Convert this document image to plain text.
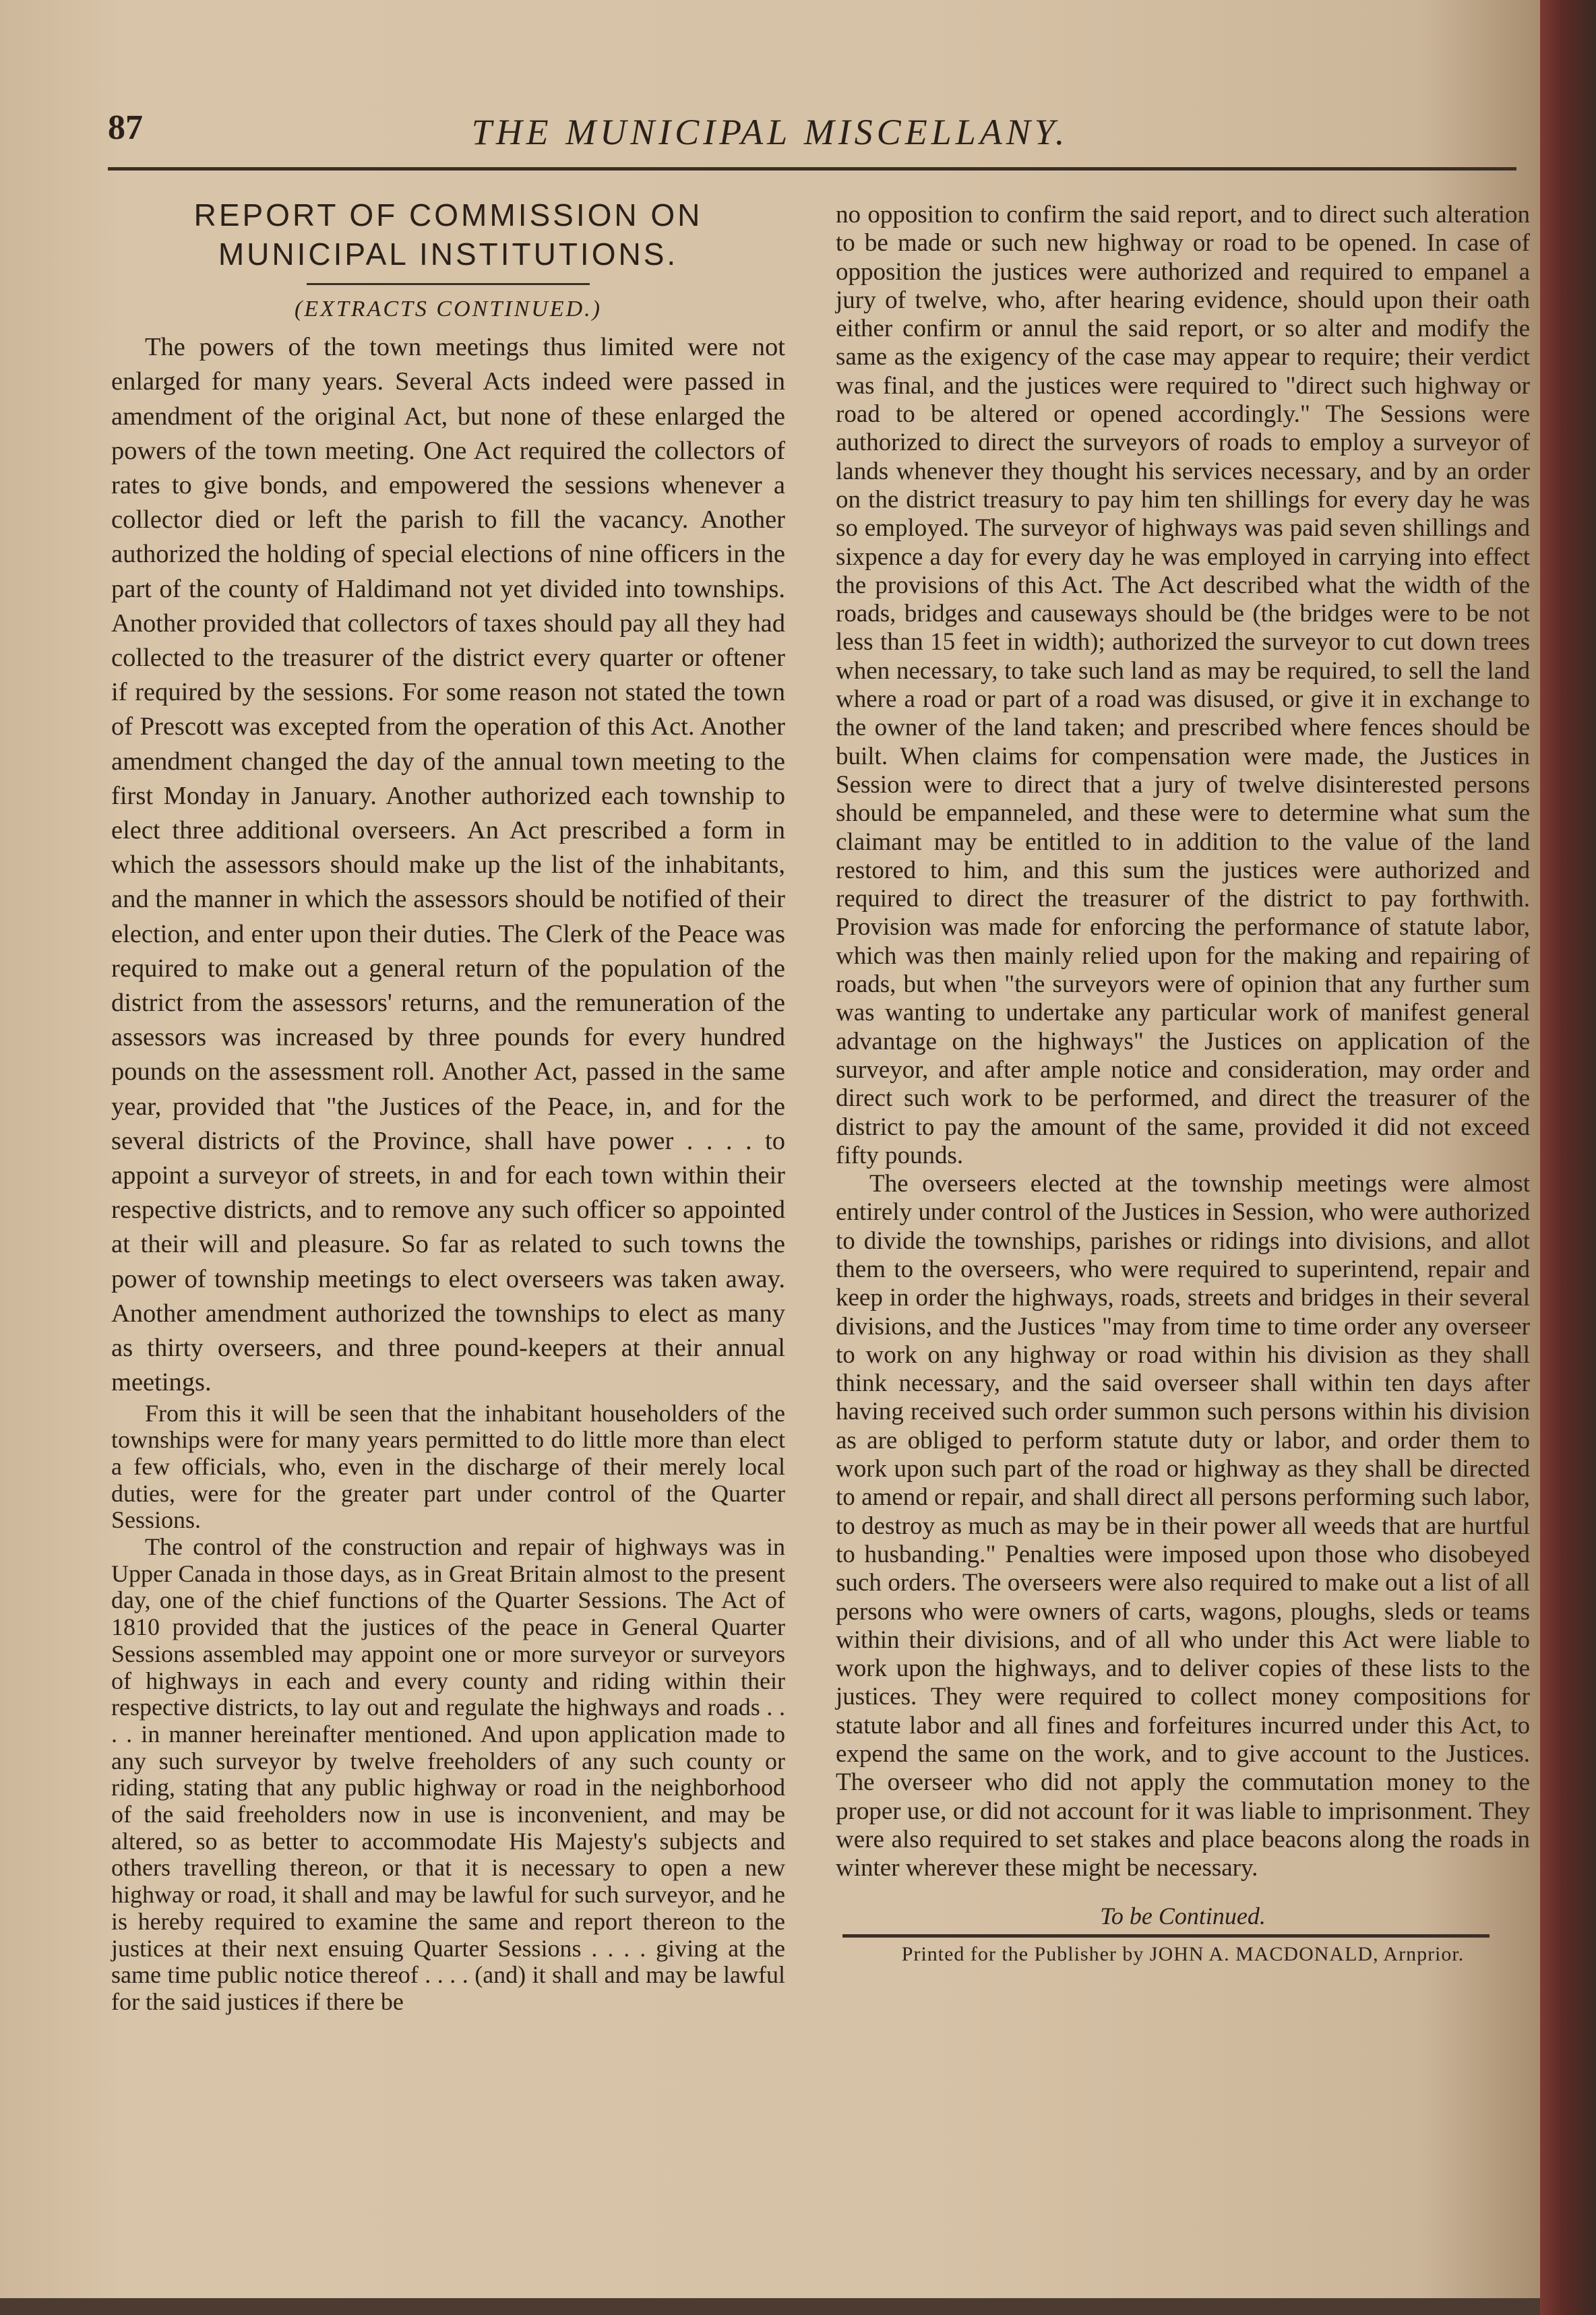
87	THE MUNICIPAL MISCELLANY.
REPORT OF COMMISSION ON MUNICIPAL INSTITUTIONS.
(EXTRACTS CONTINUED.)

The powers of the town meetings thus limited were not enlarged for many years. Several Acts indeed were passed in amendment of the original Act, but none of these enlarged the powers of the town meeting. One Act required the collectors of rates to give bonds, and empowered the sessions whenever a collector died or left the parish to fill the vacancy. Another authorized the holding of special elections of nine officers in the part of the county of Haldimand not yet divided into townships. Another provided that collectors of taxes should pay all they had collected to the treasurer of the district every quarter or oftener if required by the sessions. For some reason not stated the town of Prescott was excepted from the operation of this Act. Another amendment changed the day of the annual town meeting to the first Monday in January. Another authorized each township to elect three additional overseers. An Act prescribed a form in which the assessors should make up the list of the inhabitants, and the manner in which the assessors should be notified of their election, and enter upon their duties. The Clerk of the Peace was required to make out a general return of the population of the district from the assessors' returns, and the remuneration of the assessors was increased by three pounds for every hundred pounds on the assessment roll. Another Act, passed in the same year, provided that "the Justices of the Peace, in, and for the several districts of the Province, shall have power . . . . to appoint a surveyor of streets, in and for each town within their respective districts, and to remove any such officer so appointed at their will and pleasure. So far as related to such towns the power of township meetings to elect overseers was taken away. Another amendment authorized the townships to elect as many as thirty overseers, and three pound-keepers at their annual meetings.

From this it will be seen that the inhabitant householders of the townships were for many years permitted to do little more than elect a few officials, who, even in the discharge of their merely local duties, were for the greater part under control of the Quarter Sessions.

The control of the construction and repair of highways was in Upper Canada in those days, as in Great Britain almost to the present day, one of the chief functions of the Quarter Sessions. The Act of 1810 provided that the justices of the peace in General Quarter Sessions assembled may appoint one or more surveyor or surveyors of highways in each and every county and riding within their respective districts, to lay out and regulate the highways and roads . . . . in manner hereinafter mentioned. And upon application made to any such surveyor by twelve freeholders of any such county or riding, stating that any public highway or road in the neighborhood of the said freeholders now in use is inconvenient, and may be altered, so as better to accommodate His Majesty's subjects and others travelling thereon, or that it is necessary to open a new highway or road, it shall and may be lawful for such surveyor, and he is hereby required to examine the same and report thereon to the justices at their next ensuing Quarter Sessions . . . . giving at the same time public notice thereof . . . . (and) it shall and may be lawful for the said justices if there be

no opposition to confirm the said report, and to direct such alteration to be made or such new highway or road to be opened. In case of opposition the justices were authorized and required to empanel a jury of twelve, who, after hearing evidence, should upon their oath either confirm or annul the said report, or so alter and modify the same as the exigency of the case may appear to require; their verdict was final, and the justices were required to "direct such highway or road to be altered or opened accordingly." The Sessions were authorized to direct the surveyors of roads to employ a surveyor of lands whenever they thought his services necessary, and by an order on the district treasury to pay him ten shillings for every day he was so employed. The surveyor of highways was paid seven shillings and sixpence a day for every day he was employed in carrying into effect the provisions of this Act. The Act described what the width of the roads, bridges and causeways should be (the bridges were to be not less than 15 feet in width); authorized the surveyor to cut down trees when necessary, to take such land as may be required, to sell the land where a road or part of a road was disused, or give it in exchange to the owner of the land taken; and prescribed where fences should be built. When claims for compensation were made, the Justices in Session were to direct that a jury of twelve disinterested persons should be empanneled, and these were to determine what sum the claimant may be entitled to in addition to the value of the land restored to him, and this sum the justices were authorized and required to direct the treasurer of the district to pay forthwith. Provision was made for enforcing the performance of statute labor, which was then mainly relied upon for the making and repairing of roads, but when "the surveyors were of opinion that any further sum was wanting to undertake any particular work of manifest general advantage on the highways" the Justices on application of the surveyor, and after ample notice and consideration, may order and direct such work to be performed, and direct the treasurer of the district to pay the amount of the same, provided it did not exceed fifty pounds.

The overseers elected at the township meetings were almost entirely under control of the Justices in Session, who were authorized to divide the townships, parishes or ridings into divisions, and allot them to the overseers, who were required to superintend, repair and keep in order the highways, roads, streets and bridges in their several divisions, and the Justices "may from time to time order any overseer to work on any highway or road within his division as they shall think necessary, and the said overseer shall within ten days after having received such order summon such persons within his division as are obliged to perform statute duty or labor, and order them to work upon such part of the road or highway as they shall be directed to amend or repair, and shall direct all persons performing such labor, to destroy as much as may be in their power all weeds that are hurtful to husbanding." Penalties were imposed upon those who disobeyed such orders. The overseers were also required to make out a list of all persons who were owners of carts, wagons, ploughs, sleds or teams within their divisions, and of all who under this Act were liable to work upon the highways, and to deliver copies of these lists to the justices. They were required to collect money compositions for statute labor and all fines and forfeitures incurred under this Act, to expend the same on the work, and to give account to the Justices. The overseer who did not apply the commutation money to the proper use, or did not account for it was liable to imprisonment. They were also required to set stakes and place beacons along the roads in winter wherever these might be necessary.

To be Continued.
Printed for the Publisher by JOHN A. MACDONALD, Arnprior.
